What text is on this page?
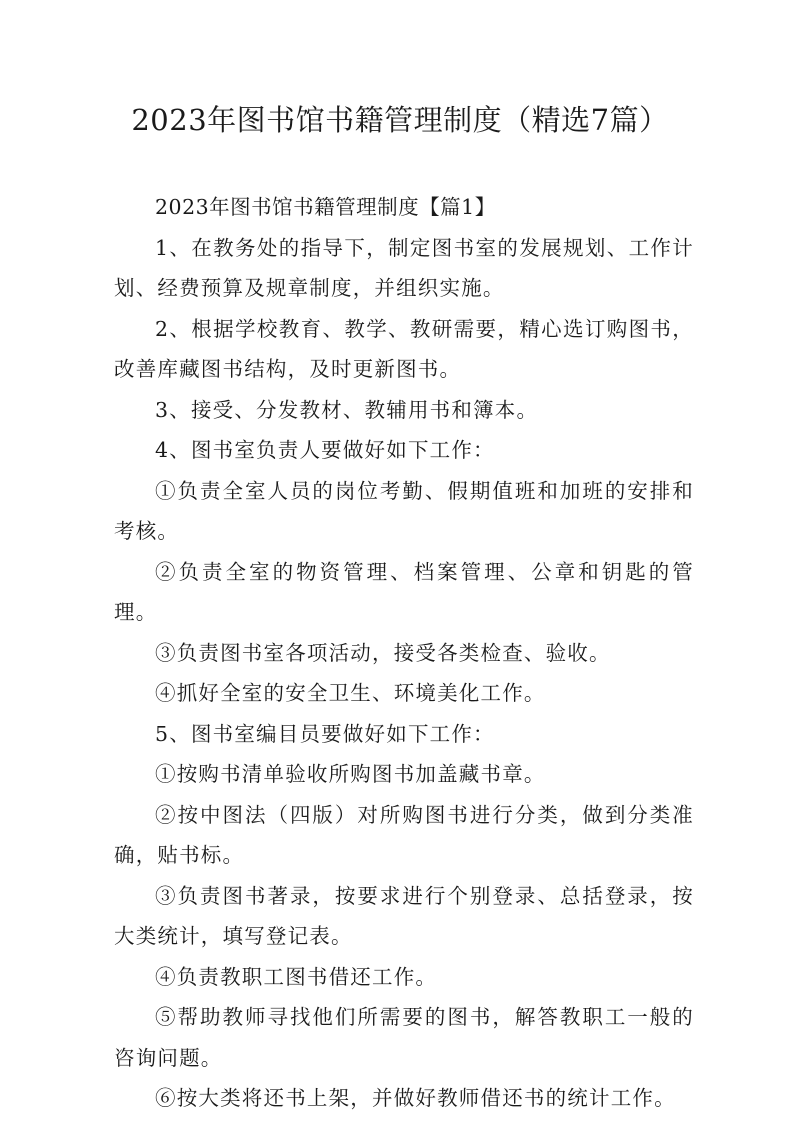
2023年图书馆书籍管理制度（精选7篇）

2023年图书馆书籍管理制度【篇1】

1、在教务处的指导下，制定图书室的发展规划、工作计划、经费预算及规章制度，并组织实施。

2、根据学校教育、教学、教研需要，精心选订购图书，改善库藏图书结构，及时更新图书。

3、接受、分发教材、教辅用书和簿本。

4、图书室负责人要做好如下工作：

①负责全室人员的岗位考勤、假期值班和加班的安排和考核。

②负责全室的物资管理、档案管理、公章和钥匙的管理。

③负责图书室各项活动，接受各类检查、验收。

④抓好全室的安全卫生、环境美化工作。

5、图书室编目员要做好如下工作：

①按购书清单验收所购图书加盖藏书章。

②按中图法（四版）对所购图书进行分类，做到分类准确，贴书标。

③负责图书著录，按要求进行个别登录、总括登录，按大类统计，填写登记表。

④负责教职工图书借还工作。

⑤帮助教师寻找他们所需要的图书，解答教职工一般的咨询问题。

⑥按大类将还书上架，并做好教师借还书的统计工作。
